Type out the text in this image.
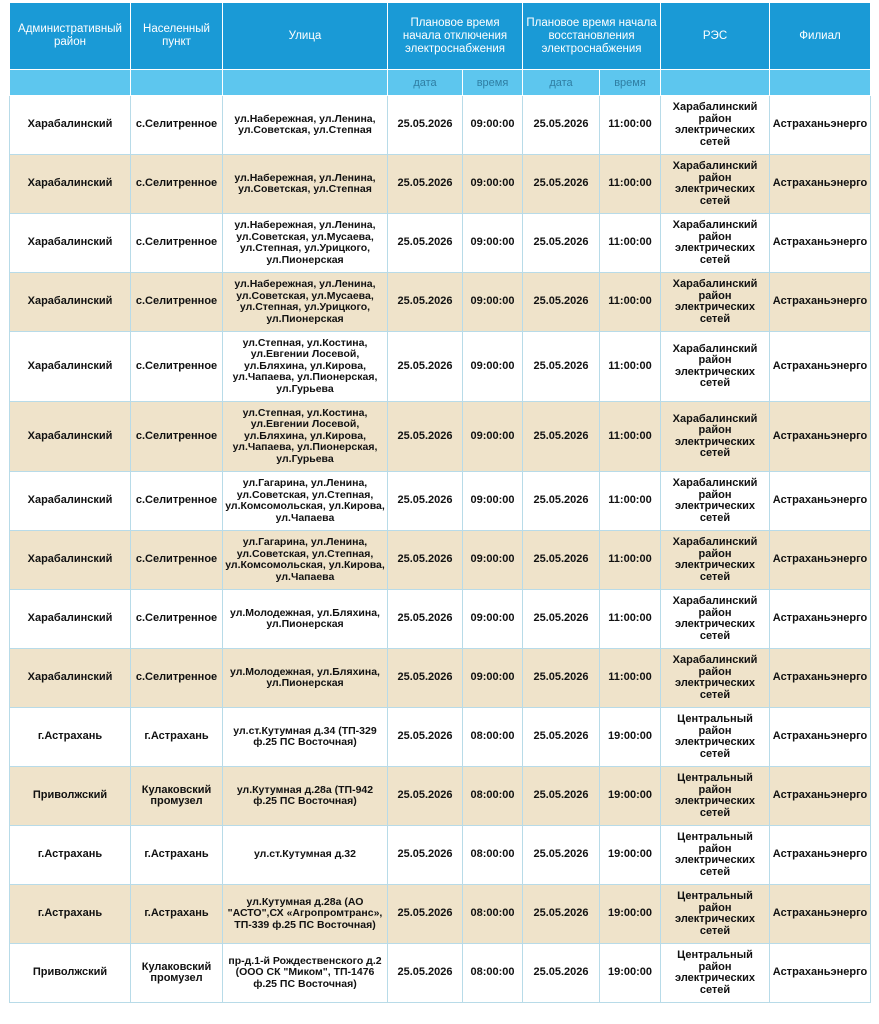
Административный район	Населенный пункт	Улица	Плановое время начала отключения электроснабжения		Плановое время начала восстановления электроснабжения		РЭС	Филиал
			дата	время	дата	время		
Харабалинский	с.Селитренное	ул.Набережная, ул.Ленина, ул.Советская, ул.Степная	25.05.2026	09:00:00	25.05.2026	11:00:00	Харабалинский район электрических сетей	Астраханьэнерго
Харабалинский	с.Селитренное	ул.Набережная, ул.Ленина, ул.Советская, ул.Степная	25.05.2026	09:00:00	25.05.2026	11:00:00	Харабалинский район электрических сетей	Астраханьэнерго
Харабалинский	с.Селитренное	ул.Набережная, ул.Ленина, ул.Советская, ул.Мусаева, ул.Степная, ул.Урицкого, ул.Пионерская	25.05.2026	09:00:00	25.05.2026	11:00:00	Харабалинский район электрических сетей	Астраханьэнерго
Харабалинский	с.Селитренное	ул.Набережная, ул.Ленина, ул.Советская, ул.Мусаева, ул.Степная, ул.Урицкого, ул.Пионерская	25.05.2026	09:00:00	25.05.2026	11:00:00	Харабалинский район электрических сетей	Астраханьэнерго
Харабалинский	с.Селитренное	ул.Степная, ул.Костина, ул.Евгении Лосевой, ул.Бляхина, ул.Кирова, ул.Чапаева, ул.Пионерская, ул.Гурьева	25.05.2026	09:00:00	25.05.2026	11:00:00	Харабалинский район электрических сетей	Астраханьэнерго
Харабалинский	с.Селитренное	ул.Степная, ул.Костина, ул.Евгении Лосевой, ул.Бляхина, ул.Кирова, ул.Чапаева, ул.Пионерская, ул.Гурьева	25.05.2026	09:00:00	25.05.2026	11:00:00	Харабалинский район электрических сетей	Астраханьэнерго
Харабалинский	с.Селитренное	ул.Гагарина, ул.Ленина, ул.Советская, ул.Степная, ул.Комсомольская, ул.Кирова, ул.Чапаева	25.05.2026	09:00:00	25.05.2026	11:00:00	Харабалинский район электрических сетей	Астраханьэнерго
Харабалинский	с.Селитренное	ул.Гагарина, ул.Ленина, ул.Советская, ул.Степная, ул.Комсомольская, ул.Кирова, ул.Чапаева	25.05.2026	09:00:00	25.05.2026	11:00:00	Харабалинский район электрических сетей	Астраханьэнерго
Харабалинский	с.Селитренное	ул.Молодежная, ул.Бляхина, ул.Пионерская	25.05.2026	09:00:00	25.05.2026	11:00:00	Харабалинский район электрических сетей	Астраханьэнерго
Харабалинский	с.Селитренное	ул.Молодежная, ул.Бляхина, ул.Пионерская	25.05.2026	09:00:00	25.05.2026	11:00:00	Харабалинский район электрических сетей	Астраханьэнерго
г.Астрахань	г.Астрахань	ул.ст.Кутумная д.34 (ТП-329 ф.25 ПС Восточная)	25.05.2026	08:00:00	25.05.2026	19:00:00	Центральный район электрических сетей	Астраханьэнерго
Приволжский	Кулаковский промузел	ул.Кутумная д.28а (ТП-942 ф.25 ПС Восточная)	25.05.2026	08:00:00	25.05.2026	19:00:00	Центральный район электрических сетей	Астраханьэнерго
г.Астрахань	г.Астрахань	ул.ст.Кутумная д.32	25.05.2026	08:00:00	25.05.2026	19:00:00	Центральный район электрических сетей	Астраханьэнерго
г.Астрахань	г.Астрахань	ул.Кутумная д.28а (АО "АСТО",СХ «Агропромтранс», ТП-339 ф.25 ПС Восточная)	25.05.2026	08:00:00	25.05.2026	19:00:00	Центральный район электрических сетей	Астраханьэнерго
Приволжский	Кулаковский промузел	пр-д.1-й Рождественского д.2 (ООО СК "Миком", ТП-1476 ф.25 ПС Восточная)	25.05.2026	08:00:00	25.05.2026	19:00:00	Центральный район электрических сетей	Астраханьэнерго
